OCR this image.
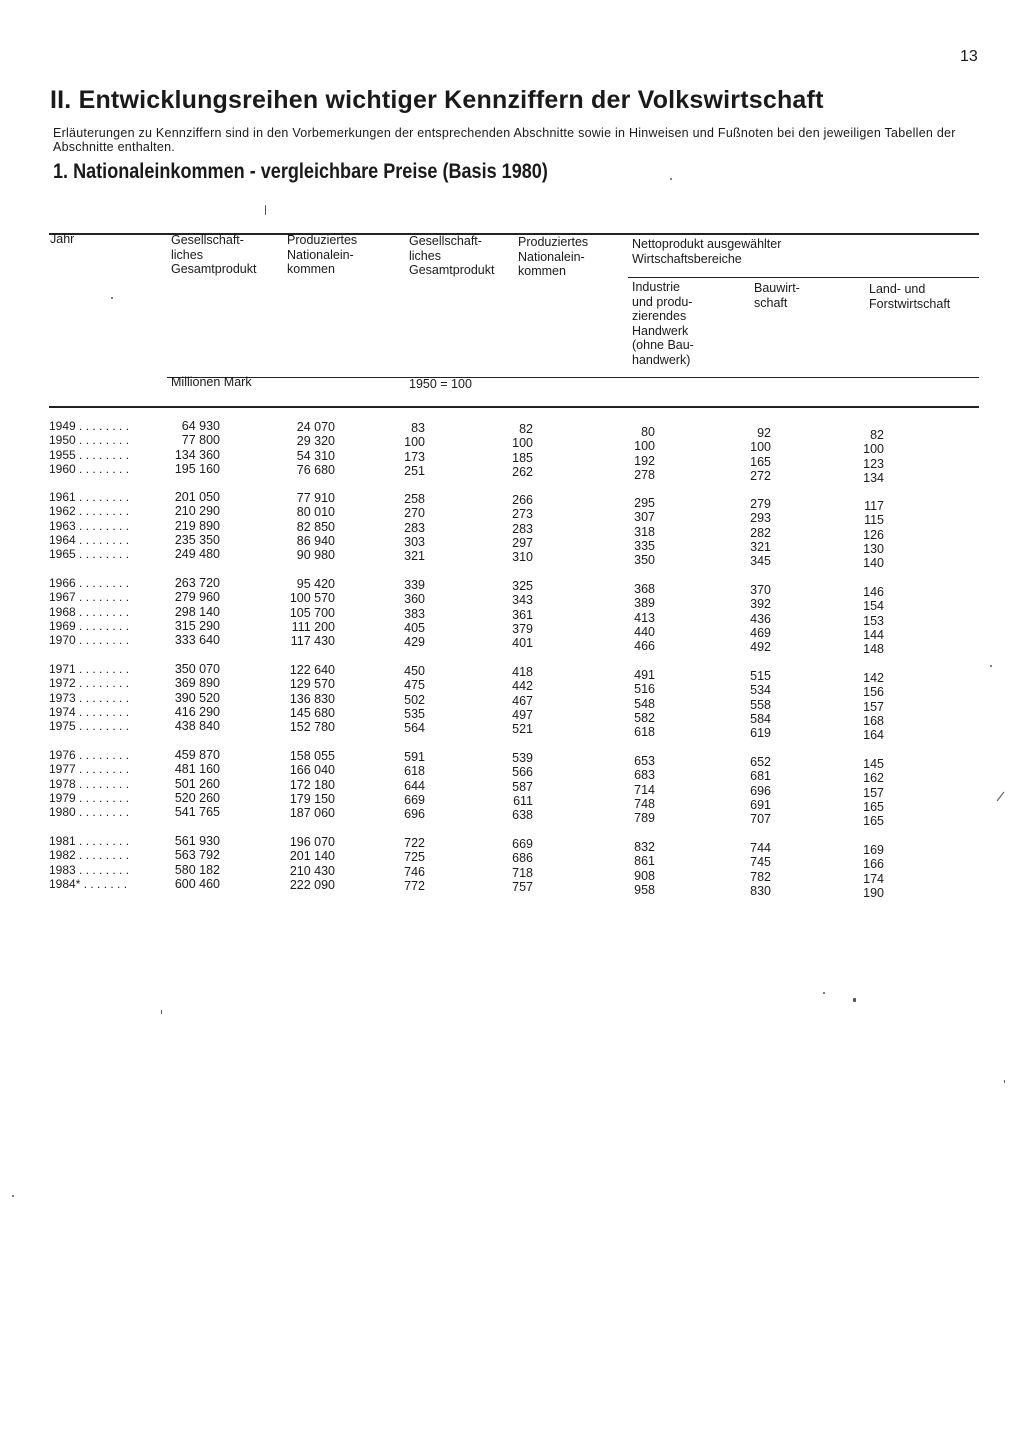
13
II. Entwicklungsreihen wichtiger Kennziffern der Volkswirtschaft
Erläuterungen zu Kennziffern sind in den Vorbemerkungen der entsprechenden Abschnitte sowie in Hinweisen und Fußnoten bei den jeweiligen Tabellen der Abschnitte enthalten.
1. Nationaleinkommen - vergleichbare Preise (Basis 1980)
Jahr	Gesellschaft-
liches
Gesamtprodukt
Produziertes
Nationalein-
kommen
Gesellschaft-
liches
Gesamtprodukt
Produziertes
Nationalein-
kommen
Nettoprodukt ausgewählter
Wirtschaftsbereiche
Industrie
und produ-
zierendes
Handwerk
(ohne Bau-
handwerk)
Bauwirt-
schaft
Land- und
Forstwirtschaft
Millionen Mark	1950 = 100
1949 . . . . . . . .	64 930	24 070	83	82	80	92	82
1950 . . . . . . . .	77 800	29 320	100	100	100	100	100
1955 . . . . . . . .	134 360	54 310	173	185	192	165	123
1960 . . . . . . . .	195 160	76 680	251	262	278	272	134
1961 . . . . . . . .	201 050	77 910	258	266	295	279	117
1962 . . . . . . . .	210 290	80 010	270	273	307	293	115
1963 . . . . . . . .	219 890	82 850	283	283	318	282	126
1964 . . . . . . . .	235 350	86 940	303	297	335	321	130
1965 . . . . . . . .	249 480	90 980	321	310	350	345	140
1966 . . . . . . . .	263 720	95 420	339	325	368	370	146
1967 . . . . . . . .	279 960	100 570	360	343	389	392	154
1968 . . . . . . . .	298 140	105 700	383	361	413	436	153
1969 . . . . . . . .	315 290	111 200	405	379	440	469	144
1970 . . . . . . . .	333 640	117 430	429	401	466	492	148
1971 . . . . . . . .	350 070	122 640	450	418	491	515	142
1972 . . . . . . . .	369 890	129 570	475	442	516	534	156
1973 . . . . . . . .	390 520	136 830	502	467	548	558	157
1974 . . . . . . . .	416 290	145 680	535	497	582	584	168
1975 . . . . . . . .	438 840	152 780	564	521	618	619	164
1976 . . . . . . . .	459 870	158 055	591	539	653	652	145
1977 . . . . . . . .	481 160	166 040	618	566	683	681	162
1978 . . . . . . . .	501 260	172 180	644	587	714	696	157
1979 . . . . . . . .	520 260	179 150	669	611	748	691	165
1980 . . . . . . . .	541 765	187 060	696	638	789	707	165
1981 . . . . . . . .	561 930	196 070	722	669	832	744	169
1982 . . . . . . . .	563 792	201 140	725	686	861	745	166
1983 . . . . . . . .	580 182	210 430	746	718	908	782	174
1984* . . . . . . .	600 460	222 090	772	757	958	830	190
